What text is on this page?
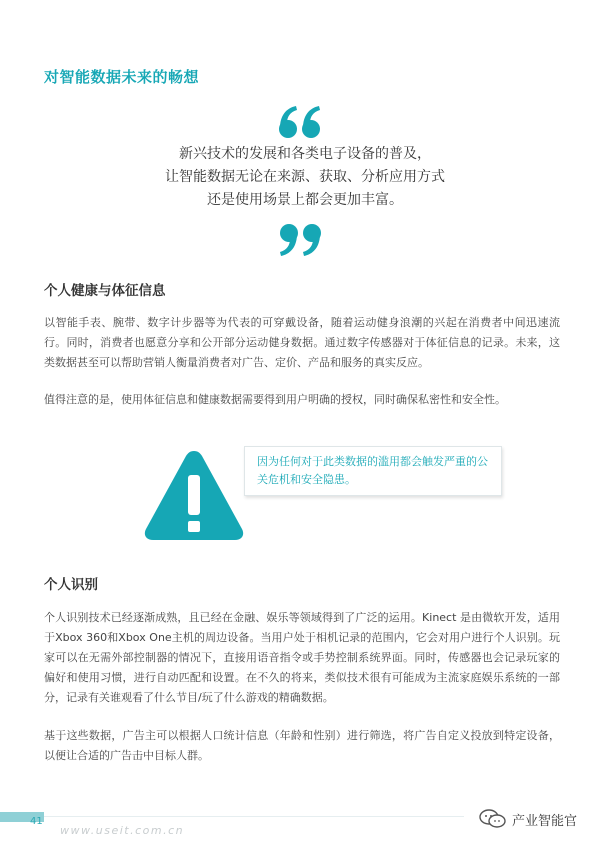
对智能数据未来的畅想
新兴技术的发展和各类电子设备的普及，
让智能数据无论在来源、获取、分析应用方式
还是使用场景上都会更加丰富。
个人健康与体征信息

以智能手表、腕带、数字计步器等为代表的可穿戴设备，随着运动健身浪潮的兴起在消费者中间迅速流行。同时，消费者也愿意分享和公开部分运动健身数据。通过数字传感器对于体征信息的记录。未来，这类数据甚至可以帮助营销人衡量消费者对广告、定价、产品和服务的真实反应。

值得注意的是，使用体征信息和健康数据需要得到用户明确的授权，同时确保私密性和安全性。

因为任何对于此类数据的滥用都会触发严重的公关危机和安全隐患。

个人识别

个人识别技术已经逐渐成熟，且已经在金融、娱乐等领域得到了广泛的运用。Kinect 是由微软开发，适用于Xbox 360和Xbox One主机的周边设备。当用户处于相机记录的范围内，它会对用户进行个人识别。玩家可以在无需外部控制器的情况下，直接用语音指令或手势控制系统界面。同时，传感器也会记录玩家的偏好和使用习惯，进行自动匹配和设置。在不久的将来，类似技术很有可能成为主流家庭娱乐系统的一部分，记录有关谁观看了什么节目/玩了什么游戏的精确数据。

基于这些数据，广告主可以根据人口统计信息（年龄和性别）进行筛选，将广告自定义投放到特定设备，以便让合适的广告击中目标人群。

41
www.useit.com.cn
产业智能官
